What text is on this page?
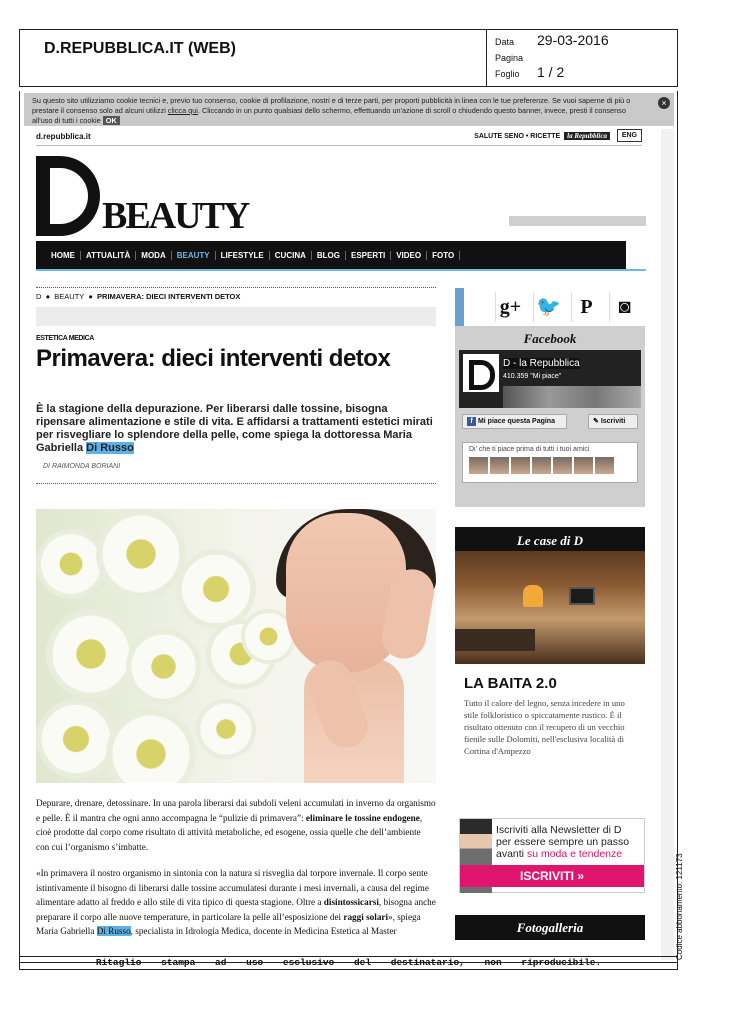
D.REPUBBLICA.IT (WEB)	Data 29-03-2016
Pagina
Foglio 1 / 2
Su questo sito utilizziamo cookie tecnici e, previo tuo consenso, cookie di profilazione, nostri e di terze parti, per proporti pubblicità in linea con le tue preferenze. Se vuoi saperne di più o prestare il consenso solo ad alcuni utilizzi clicca qui. Cliccando in un punto qualsiasi dello schermo, effettuando un'azione di scroll o chiudendo questo banner, invece, presti il consenso all'uso di tutti i cookie OK
×
d.repubblica.it	SALUTE SENO • RICETTE la Repubblica	ENG
BEAUTY
HOME	ATTUALITÀ	MODA	BEAUTY	LIFESTYLE	CUCINA	BLOG	ESPERTI	VIDEO	FOTO
D  ●  BEAUTY  ●  PRIMAVERA: DIECI INTERVENTI DETOX
ESTETICA MEDICA
Primavera: dieci interventi detox
È la stagione della depurazione. Per liberarsi dalle tossine, bisogna ripensare alimentazione e stile di vita. E affidarsi a trattamenti estetici mirati per risvegliare lo splendore della pelle, come spiega la dottoressa Maria Gabriella Di Russo
DI RAIMONDA BORIANI
Depurare, drenare, detossinare. In una parola liberarsi dai subdoli veleni accumulati in inverno da organismo e pelle. È il mantra che ogni anno accompagna le “pulizie di primavera”: eliminare le tossine endogene, cioè prodotte dal corpo come risultato di attività metaboliche, ed esogene, ossia quelle che dell’ambiente con cui l’organismo s’imbatte.
«In primavera il nostro organismo in sintonia con la natura si risveglia dal torpore invernale. Il corpo sente istintivamente il bisogno di liberarsi dalle tossine accumulatesi durante i mesi invernali, a causa del regime alimentare adatto al freddo e allo stile di vita tipico di questa stagione. Oltre a disintossicarsi, bisogna anche preparare il corpo alle nuove temperature, in particolare la pelle all’esposizione dei raggi solari», spiega Maria Gabriella Di Russo, specialista in Idrologia Medica, docente in Medicina Estetica al Master
g+ 🐦 P	◙
Facebook
D - la Repubblica
410.359 "Mi piace"
f Mi piace questa Pagina	✎ Iscriviti
Di' che ti piace prima di tutti i tuoi amici
Le case di D
LA BAITA 2.0
Tutto il calore del legno, senza incedere in uno stile folkloristico o spiccatamente rustico. È il risultato ottenuto con il recupero di un vecchio fienile sulle Dolomiti, nell'esclusiva località di Cortina d'Ampezzo
Iscriviti alla Newsletter di D
per essere sempre un passo
avanti su moda e tendenze
ISCRIVITI »
Fotogalleria
Ritaglio stampa ad uso esclusivo del destinatario, non riproducibile.
Codice abbonamento: 121173
